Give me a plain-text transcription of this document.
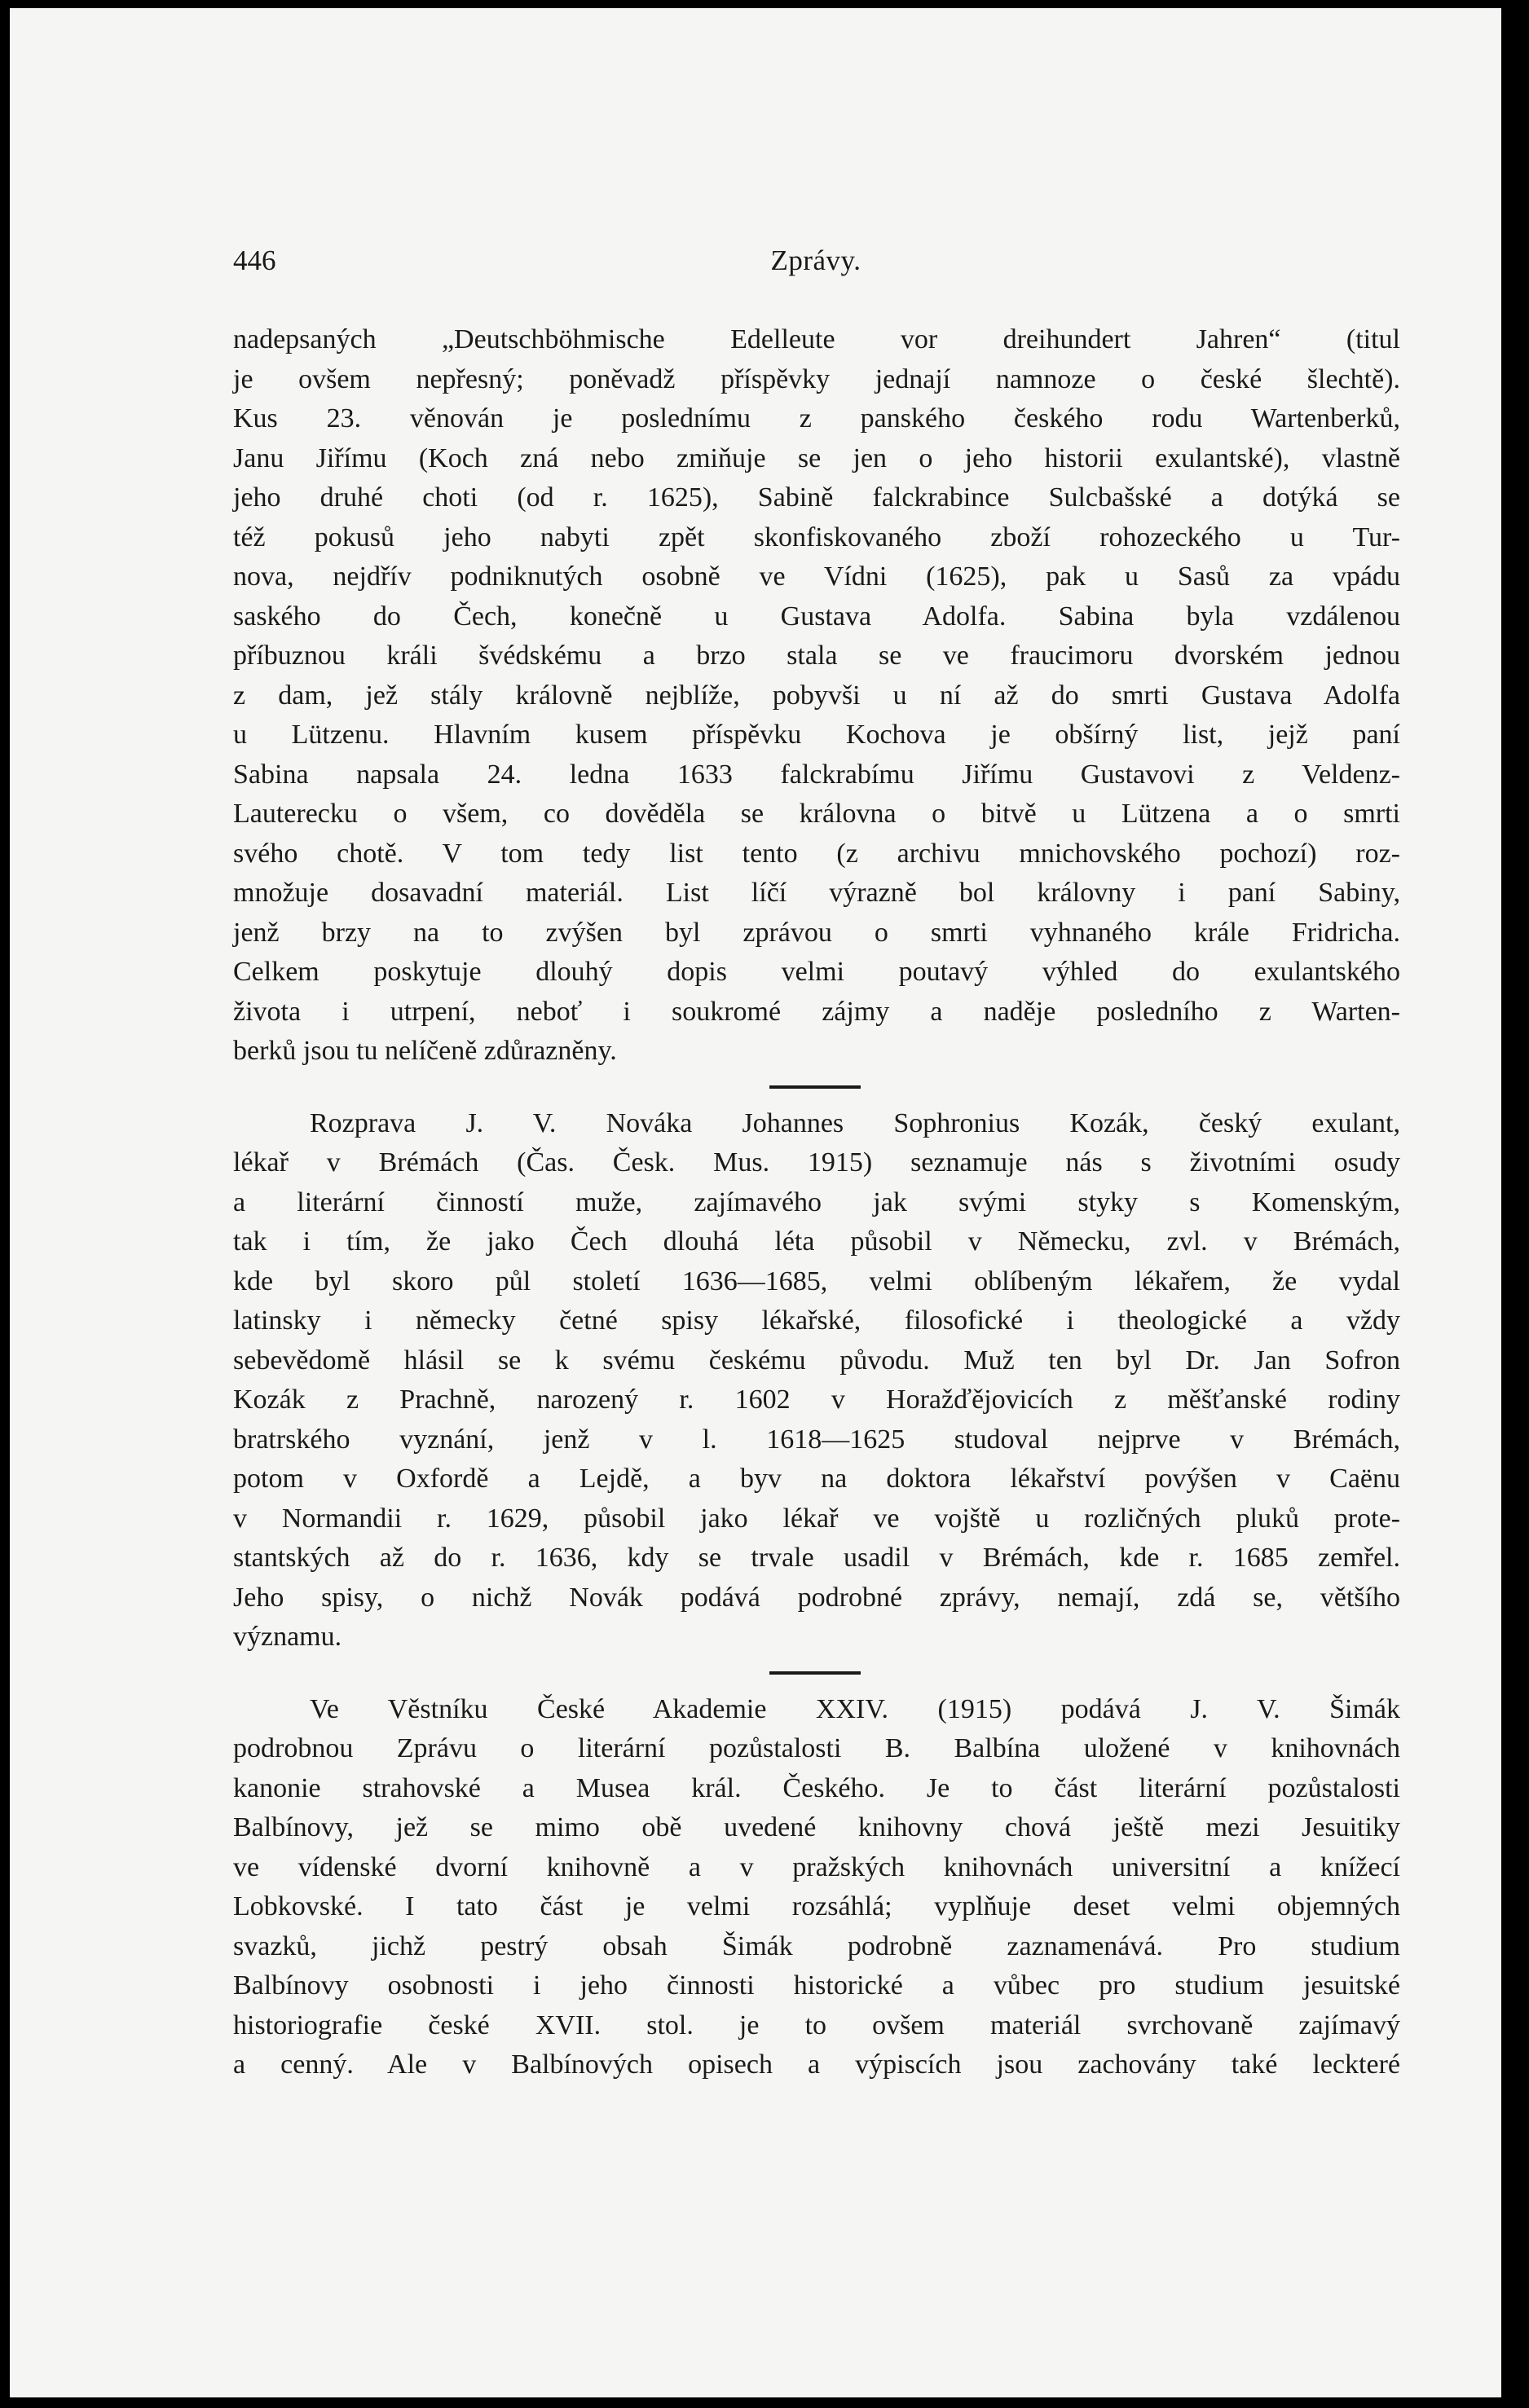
446	Zprávy.
nadepsaných „Deutschböhmische Edelleute vor dreihundert Jahren“ (titul
je ovšem nepřesný; poněvadž příspěvky jednají namnoze o české šlechtě).
Kus 23. věnován je poslednímu z panského českého rodu Wartenberků,
Janu Jiřímu (Koch zná nebo zmiňuje se jen o jeho historii exulantské), vlastně
jeho druhé choti (od r. 1625), Sabině falckrabince Sulcbašské a dotýká se
též pokusů jeho nabyti zpět skonfiskovaného zboží rohozeckého u Tur-
nova, nejdřív podniknutých osobně ve Vídni (1625), pak u Sasů za vpádu
saského do Čech, konečně u Gustava Adolfa. Sabina byla vzdálenou
příbuznou králi švédskému a brzo stala se ve fraucimoru dvorském jednou
z dam, jež stály královně nejblíže, pobyvši u ní až do smrti Gustava Adolfa
u Lützenu. Hlavním kusem příspěvku Kochova je obšírný list, jejž paní
Sabina napsala 24. ledna 1633 falckrabímu Jiřímu Gustavovi z Veldenz-
Lauterecku o všem, co dověděla se královna o bitvě u Lützena a o smrti
svého chotě. V tom tedy list tento (z archivu mnichovského pochozí) roz-
množuje dosavadní materiál. List líčí výrazně bol královny i paní Sabiny,
jenž brzy na to zvýšen byl zprávou o smrti vyhnaného krále Fridricha.
Celkem poskytuje dlouhý dopis velmi poutavý výhled do exulantského
života i utrpení, neboť i soukromé zájmy a naděje posledního z Warten-
berků jsou tu nelíčeně zdůrazněny.
Rozprava J. V. Nováka Johannes Sophronius Kozák, český exulant,
lékař v Brémách (Čas. Česk. Mus. 1915) seznamuje nás s životními osudy
a literární činností muže, zajímavého jak svými styky s Komenským,
tak i tím, že jako Čech dlouhá léta působil v Německu, zvl. v Brémách,
kde byl skoro půl století 1636—1685, velmi oblíbeným lékařem, že vydal
latinsky i německy četné spisy lékařské, filosofické i theologické a vždy
sebevědomě hlásil se k svému českému původu. Muž ten byl Dr. Jan Sofron
Kozák z Prachně, narozený r. 1602 v Horažďějovicích z měšťanské rodiny
bratrského vyznání, jenž v l. 1618—1625 studoval nejprve v Brémách,
potom v Oxfordě a Lejdě, a byv na doktora lékařství povýšen v Caënu
v Normandii r. 1629, působil jako lékař ve vojště u rozličných pluků prote-
stantských až do r. 1636, kdy se trvale usadil v Brémách, kde r. 1685 zemřel.
Jeho spisy, o nichž Novák podává podrobné zprávy, nemají, zdá se, většího
významu.
Ve Věstníku České Akademie XXIV. (1915) podává J. V. Šimák
podrobnou Zprávu o literární pozůstalosti B. Balbína uložené v knihovnách
kanonie strahovské a Musea král. Českého. Je to část literární pozůstalosti
Balbínovy, jež se mimo obě uvedené knihovny chová ještě mezi Jesuitiky
ve vídenské dvorní knihovně a v pražských knihovnách universitní a knížecí
Lobkovské. I tato část je velmi rozsáhlá; vyplňuje deset velmi objemných
svazků, jichž pestrý obsah Šimák podrobně zaznamenává. Pro studium
Balbínovy osobnosti i jeho činnosti historické a vůbec pro studium jesuitské
historiografie české XVII. stol. je to ovšem materiál svrchovaně zajímavý
a cenný. Ale v Balbínových opisech a výpiscích jsou zachovány také leckteré
